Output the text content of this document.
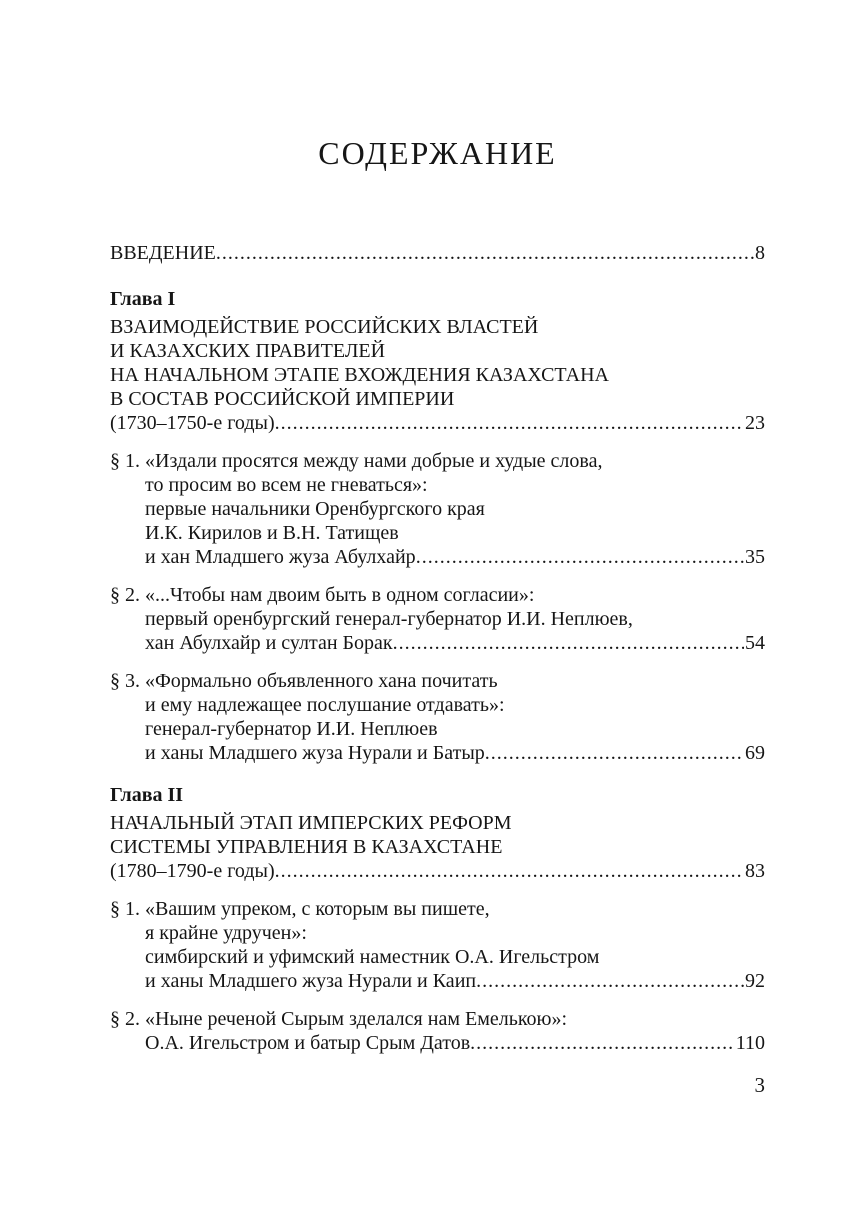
СОДЕРЖАНИЕ
ВВЕДЕНИЕ .....	8
Глава I
ВЗАИМОДЕЙСТВИЕ РОССИЙСКИХ ВЛАСТЕЙ
И КАЗАХСКИХ ПРАВИТЕЛЕЙ
НА НАЧАЛЬНОМ ЭТАПЕ ВХОЖДЕНИЯ КАЗАХСТАНА
В СОСТАВ РОССИЙСКОЙ ИМПЕРИИ
(1730–1750-е годы) .....	23
§ 1. «Издали просятся между нами добрые и худые слова,
то просим во всем не гневаться»:
первые начальники Оренбургского края
И.К. Кирилов и В.Н. Татищев
и хан Младшего жуза Абулхайр .....	35
§ 2. «...Чтобы нам двоим быть в одном согласии»:
первый оренбургский генерал-губернатор И.И. Неплюев,
хан Абулхайр и султан Борак .....	54
§ 3. «Формально объявленного хана почитать
и ему надлежащее послушание отдавать»:
генерал-губернатор И.И. Неплюев
и ханы Младшего жуза Нурали и Батыр .....	69
Глава II
НАЧАЛЬНЫЙ ЭТАП ИМПЕРСКИХ РЕФОРМ
СИСТЕМЫ УПРАВЛЕНИЯ В КАЗАХСТАНЕ
(1780–1790-е годы) .....	83
§ 1. «Вашим упреком, с которым вы пишете,
я крайне удручен»:
симбирский и уфимский наместник О.А. Игельстром
и ханы Младшего жуза Нурали и Каип .....	92
§ 2. «Ныне реченой Сырым зделался нам Емелькою»:
О.А. Игельстром и батыр Срым Датов .....	110
3
